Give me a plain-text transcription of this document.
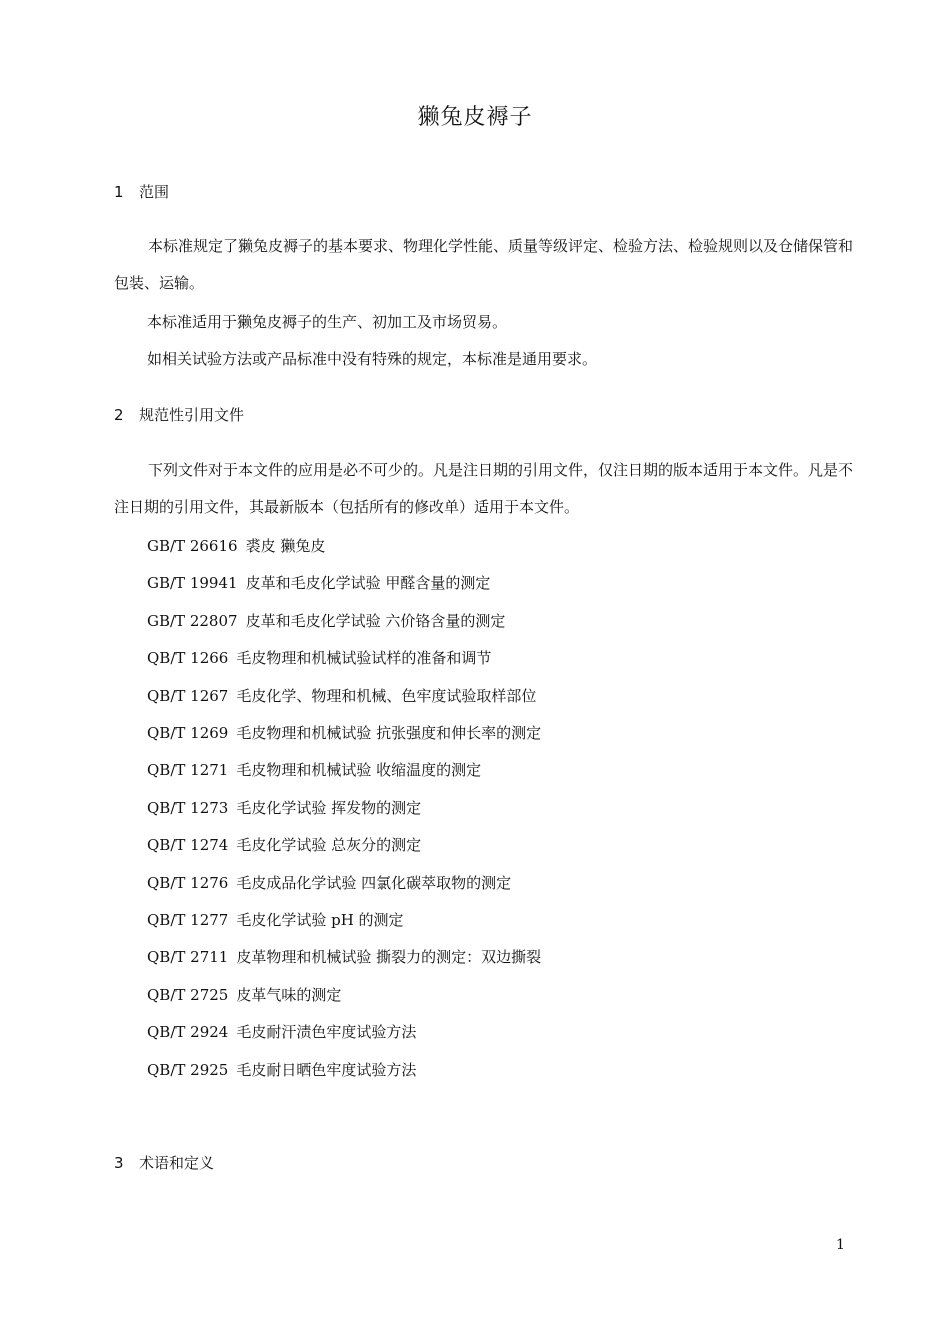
獭兔皮褥子
1 范围
本标准规定了獭兔皮褥子的基本要求、物理化学性能、质量等级评定、检验方法、检验规则以及仓储保管和包装、运输。
本标准适用于獭兔皮褥子的生产、初加工及市场贸易。
如相关试验方法或产品标准中没有特殊的规定，本标准是通用要求。
2 规范性引用文件
下列文件对于本文件的应用是必不可少的。凡是注日期的引用文件，仅注日期的版本适用于本文件。凡是不注日期的引用文件，其最新版本（包括所有的修改单）适用于本文件。
GB/T 26616 裘皮 獭兔皮
GB/T 19941 皮革和毛皮化学试验 甲醛含量的测定
GB/T 22807 皮革和毛皮化学试验 六价铬含量的测定
QB/T 1266 毛皮物理和机械试验试样的准备和调节
QB/T 1267 毛皮化学、物理和机械、色牢度试验取样部位
QB/T 1269 毛皮物理和机械试验 抗张强度和伸长率的测定
QB/T 1271 毛皮物理和机械试验 收缩温度的测定
QB/T 1273 毛皮化学试验 挥发物的测定
QB/T 1274 毛皮化学试验 总灰分的测定
QB/T 1276 毛皮成品化学试验 四氯化碳萃取物的测定
QB/T 1277 毛皮化学试验 pH 的测定
QB/T 2711 皮革物理和机械试验 撕裂力的测定：双边撕裂
QB/T 2725 皮革气味的测定
QB/T 2924 毛皮耐汗渍色牢度试验方法
QB/T 2925 毛皮耐日晒色牢度试验方法
3 术语和定义
1
